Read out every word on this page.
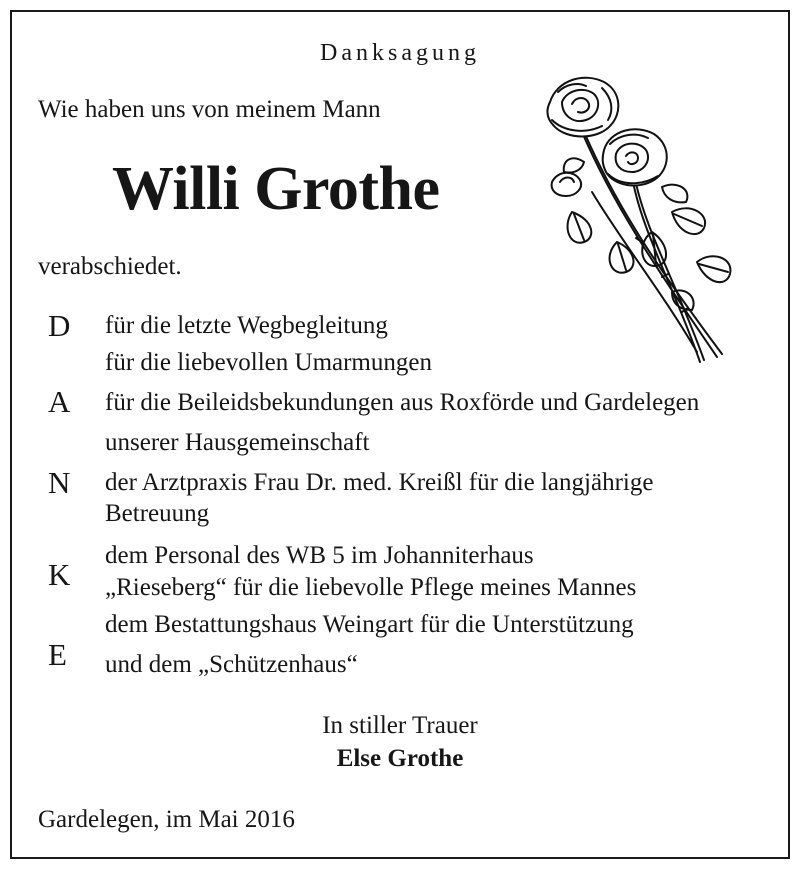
Danksagung
Wie haben uns von meinem Mann
Willi Grothe
verabschiedet.
D
A
N
K
E
für die letzte Wegbegleitung
für die liebevollen Umarmungen
für die Beileidsbekundungen aus Roxförde und Gardelegen
unserer Hausgemeinschaft
der Arztpraxis Frau Dr. med. Kreißl für die langjährige
Betreuung
dem Personal des WB 5 im Johanniterhaus
„Rieseberg“ für die liebevolle Pflege meines Mannes
dem Bestattungshaus Weingart für die Unterstützung
und dem „Schützenhaus“
In stiller Trauer
Else Grothe
Gardelegen, im Mai 2016
